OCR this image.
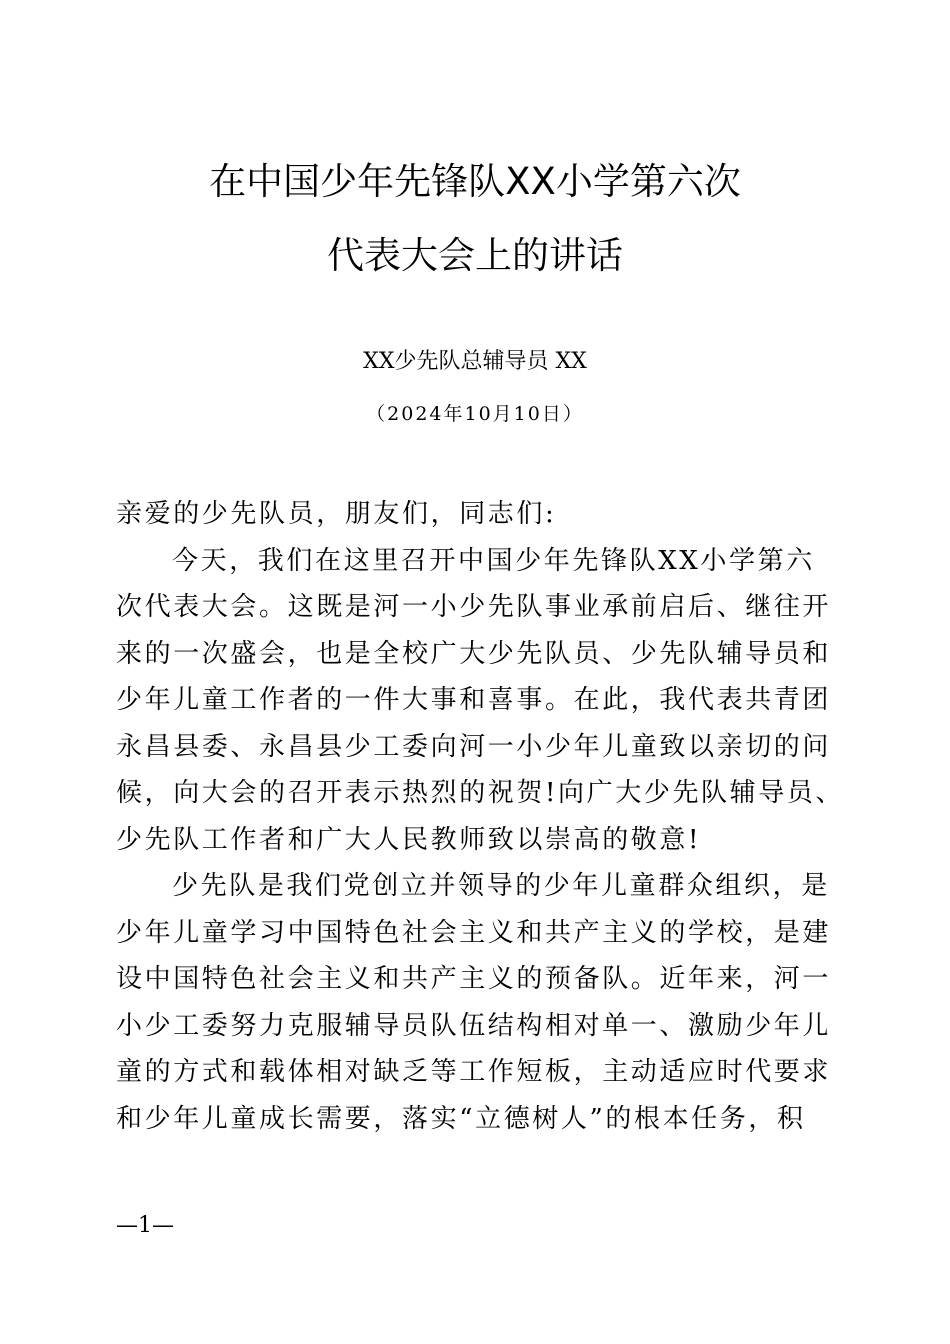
在中国少年先锋队XX小学第六次
代表大会上的讲话
XX少先队总辅导员 XX
（2024年10月10日）
亲爱的少先队员，朋友们，同志们:
今天，我们在这里召开中国少年先锋队XX小学第六
次代表大会。这既是河一小少先队事业承前启后、继往开
来的一次盛会，也是全校广大少先队员、少先队辅导员和
少年儿童工作者的一件大事和喜事。在此，我代表共青团
永昌县委、永昌县少工委向河一小少年儿童致以亲切的问
候，向大会的召开表示热烈的祝贺!向广大少先队辅导员、
少先队工作者和广大人民教师致以崇高的敬意!
少先队是我们党创立并领导的少年儿童群众组织，是
少年儿童学习中国特色社会主义和共产主义的学校，是建
设中国特色社会主义和共产主义的预备队。近年来，河一
小少工委努力克服辅导员队伍结构相对单一、激励少年儿
童的方式和载体相对缺乏等工作短板，主动适应时代要求
和少年儿童成长需要，落实“立德树人”的根本任务，积
—1—
